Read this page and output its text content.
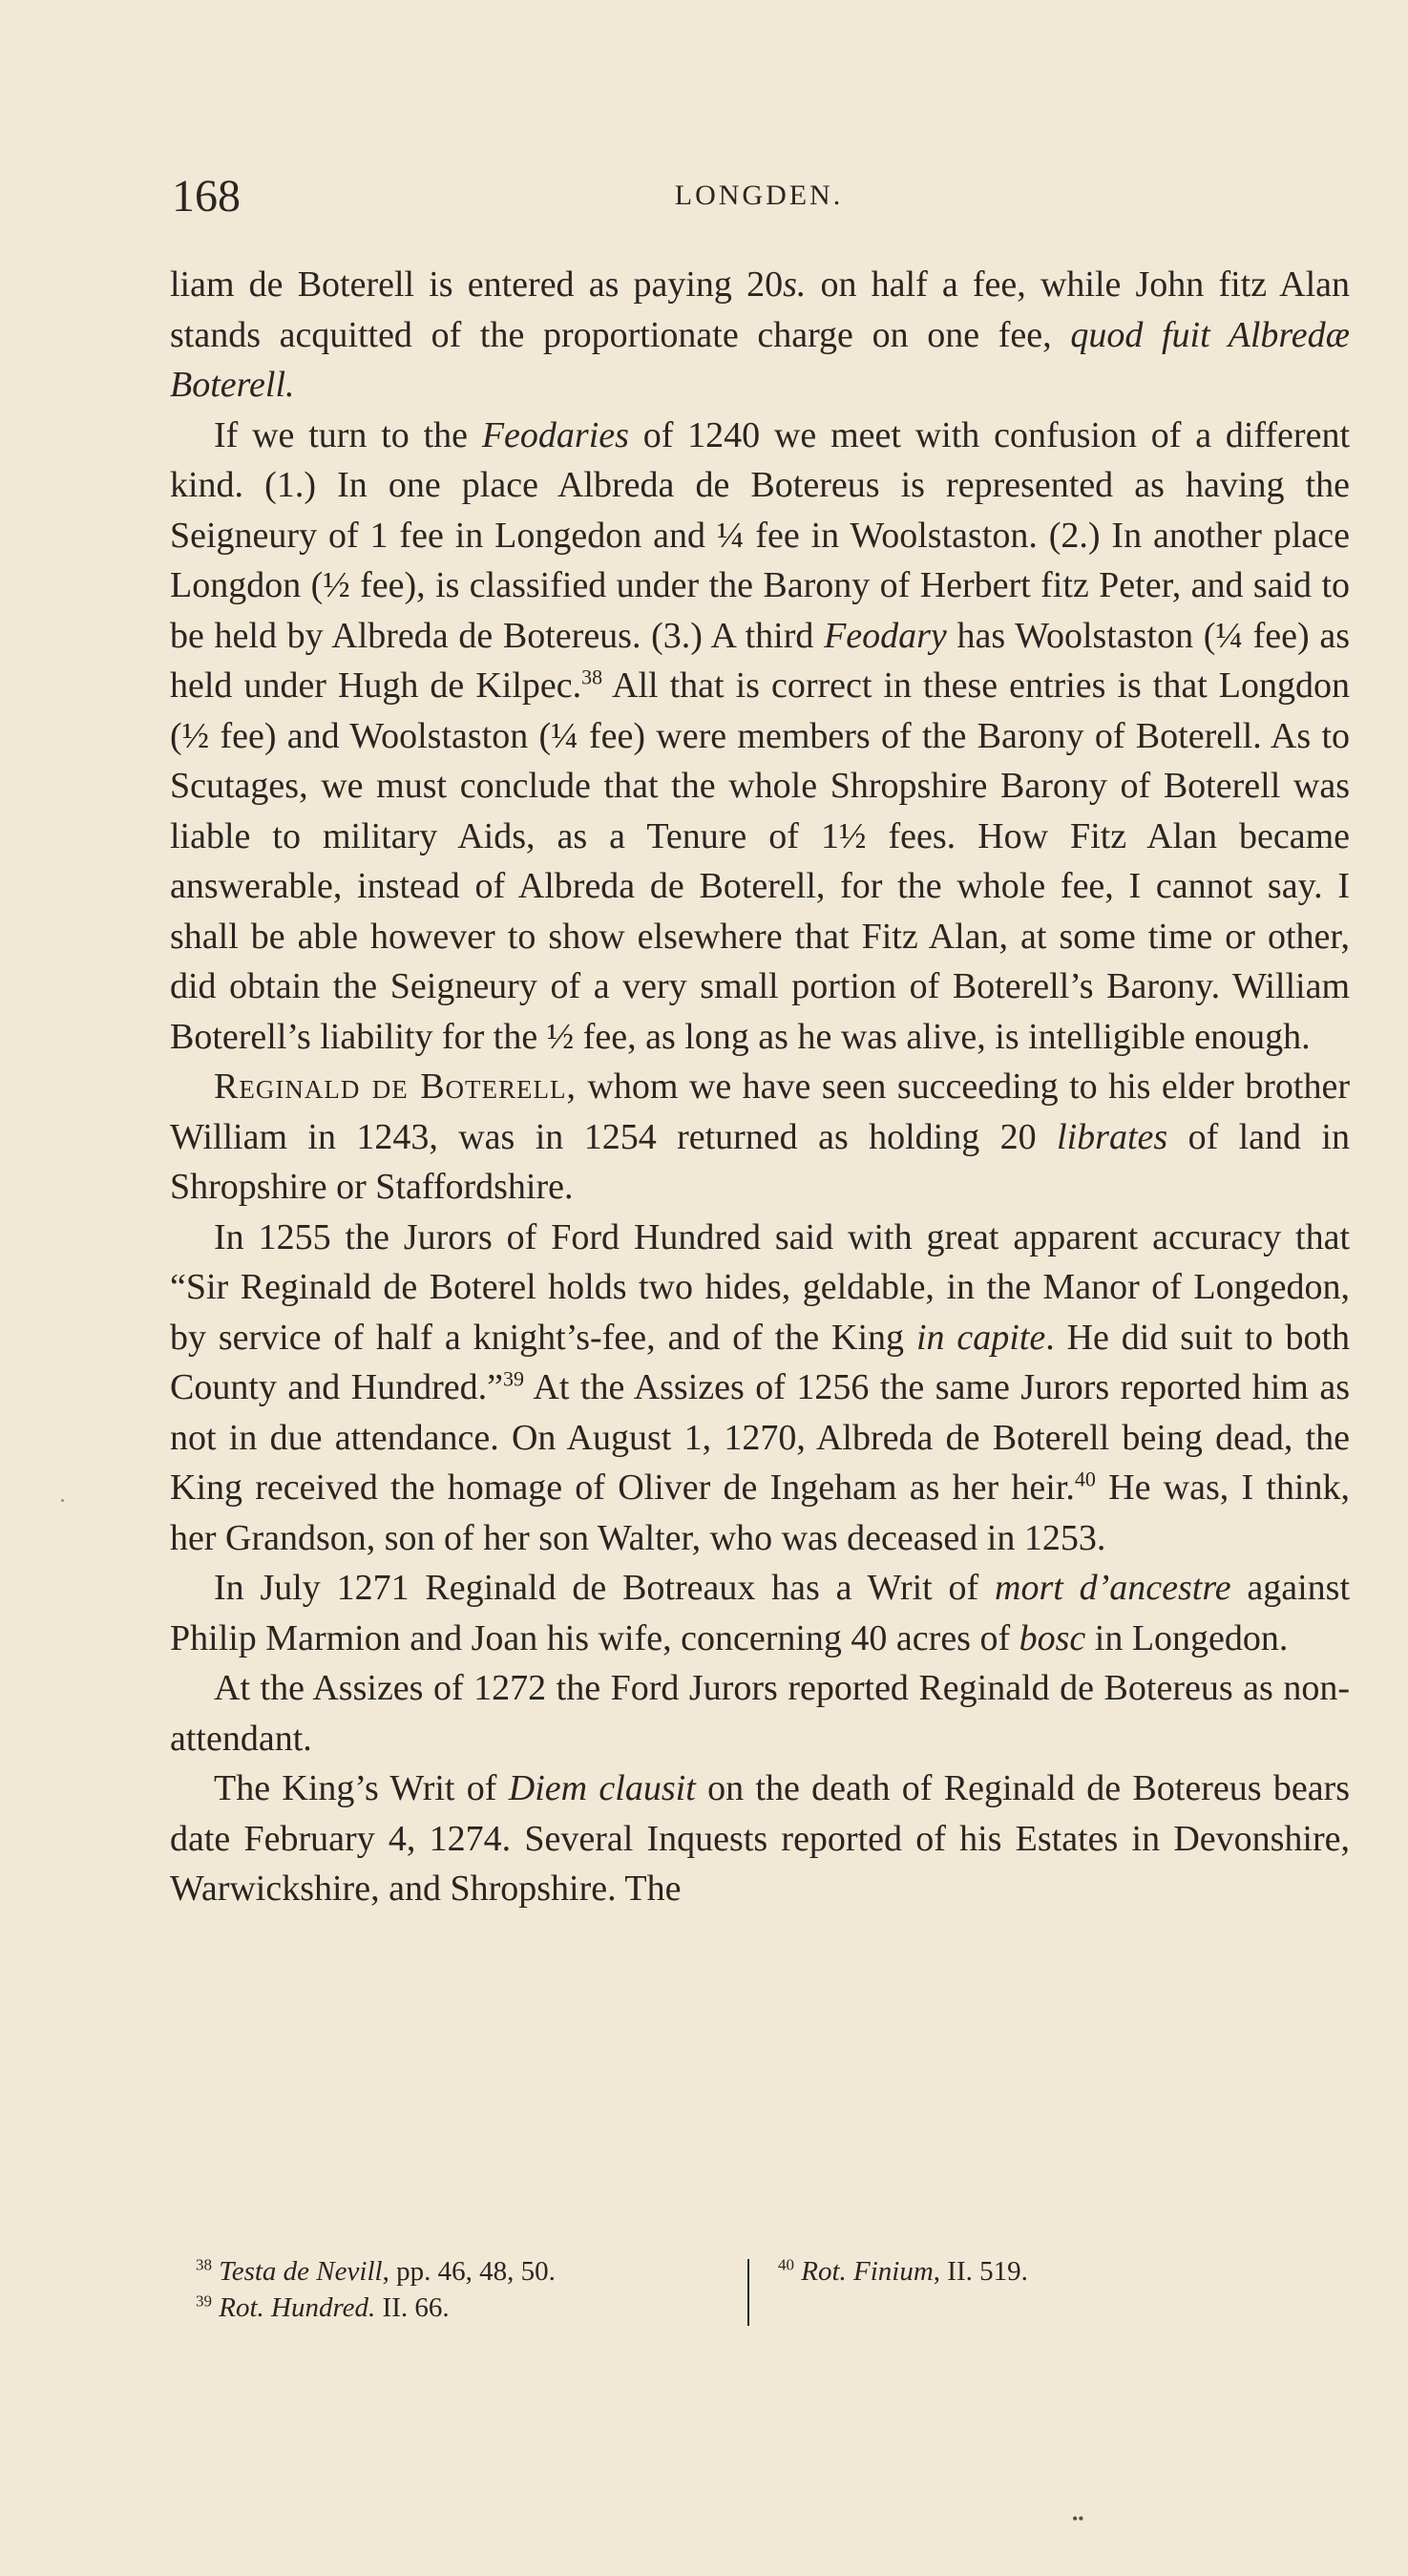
168	LONGDEN.

liam de Boterell is entered as paying 20s. on half a fee, while John fitz Alan stands acquitted of the proportionate charge on one fee, quod fuit Albredæ Boterell.

If we turn to the Feodaries of 1240 we meet with confusion of a different kind. (1.) In one place Albreda de Botereus is represented as having the Seigneury of 1 fee in Longedon and ¼ fee in Woolstaston. (2.) In another place Longdon (½ fee), is classified under the Barony of Herbert fitz Peter, and said to be held by Albreda de Botereus. (3.) A third Feodary has Woolstaston (¼ fee) as held under Hugh de Kilpec.$^{38}$ All that is correct in these entries is that Longdon (½ fee) and Woolstaston (¼ fee) were members of the Barony of Boterell. As to Scutages, we must conclude that the whole Shropshire Barony of Boterell was liable to military Aids, as a Tenure of 1½ fees. How Fitz Alan became answerable, instead of Albreda de Boterell, for the whole fee, I cannot say. I shall be able however to show elsewhere that Fitz Alan, at some time or other, did obtain the Seigneury of a very small portion of Boterell’s Barony. William Boterell’s liability for the ½ fee, as long as he was alive, is intelligible enough.

Reginald de Boterell, whom we have seen succeeding to his elder brother William in 1243, was in 1254 returned as holding 20 librates of land in Shropshire or Staffordshire.

In 1255 the Jurors of Ford Hundred said with great apparent accuracy that “Sir Reginald de Boterel holds two hides, geldable, in the Manor of Longedon, by service of half a knight’s-fee, and of the King in capite. He did suit to both County and Hundred.”$^{39}$ At the Assizes of 1256 the same Jurors reported him as not in due attendance. On August 1, 1270, Albreda de Boterell being dead, the King received the homage of Oliver de Ingeham as her heir.$^{40}$ He was, I think, her Grandson, son of her son Walter, who was deceased in 1253.

In July 1271 Reginald de Botreaux has a Writ of mort d’ancestre against Philip Marmion and Joan his wife, concerning 40 acres of bosc in Longedon.

At the Assizes of 1272 the Ford Jurors reported Reginald de Botereus as non-attendant.

The King’s Writ of Diem clausit on the death of Reginald de Botereus bears date February 4, 1274. Several Inquests reported of his Estates in Devonshire, Warwickshire, and Shropshire. The

$^{38}$ Testa de Nevill, pp. 46, 48, 50.
$^{39}$ Rot. Hundred. II. 66.
$^{40}$ Rot. Finium, II. 519.
••
